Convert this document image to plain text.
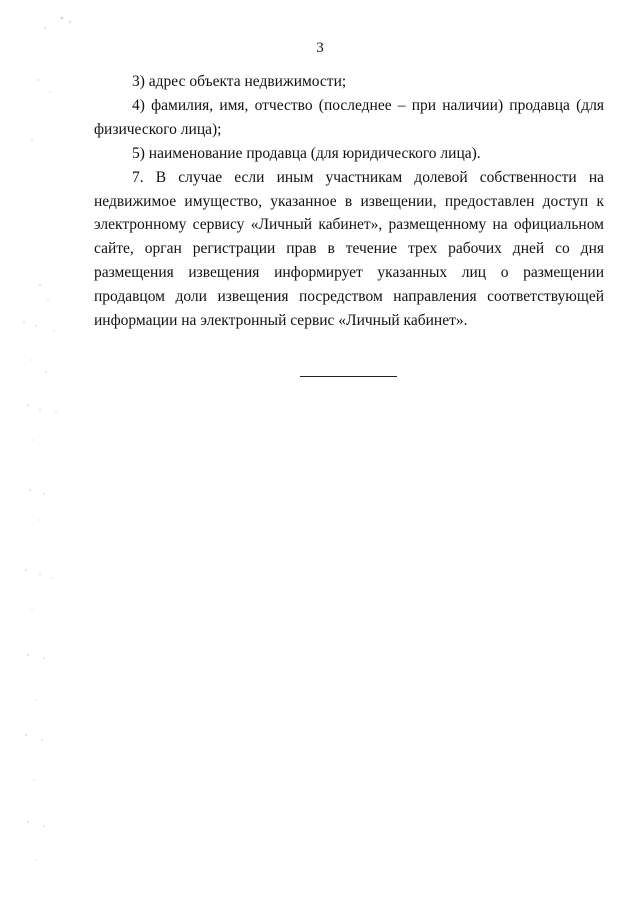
3

3) адрес объекта недвижимости;

4) фамилия, имя, отчество (последнее – при наличии) продавца (для физического лица);

5) наименование продавца (для юридического лица).

7. В случае если иным участникам долевой собственности на недвижимое имущество, указанное в извещении, предоставлен доступ к электронному сервису «Личный кабинет», размещенному на официальном сайте, орган регистрации прав в течение трех рабочих дней со дня размещения извещения информирует указанных лиц о размещении продавцом доли извещения посредством направления соответствующей информации на электронный сервис «Личный кабинет».
